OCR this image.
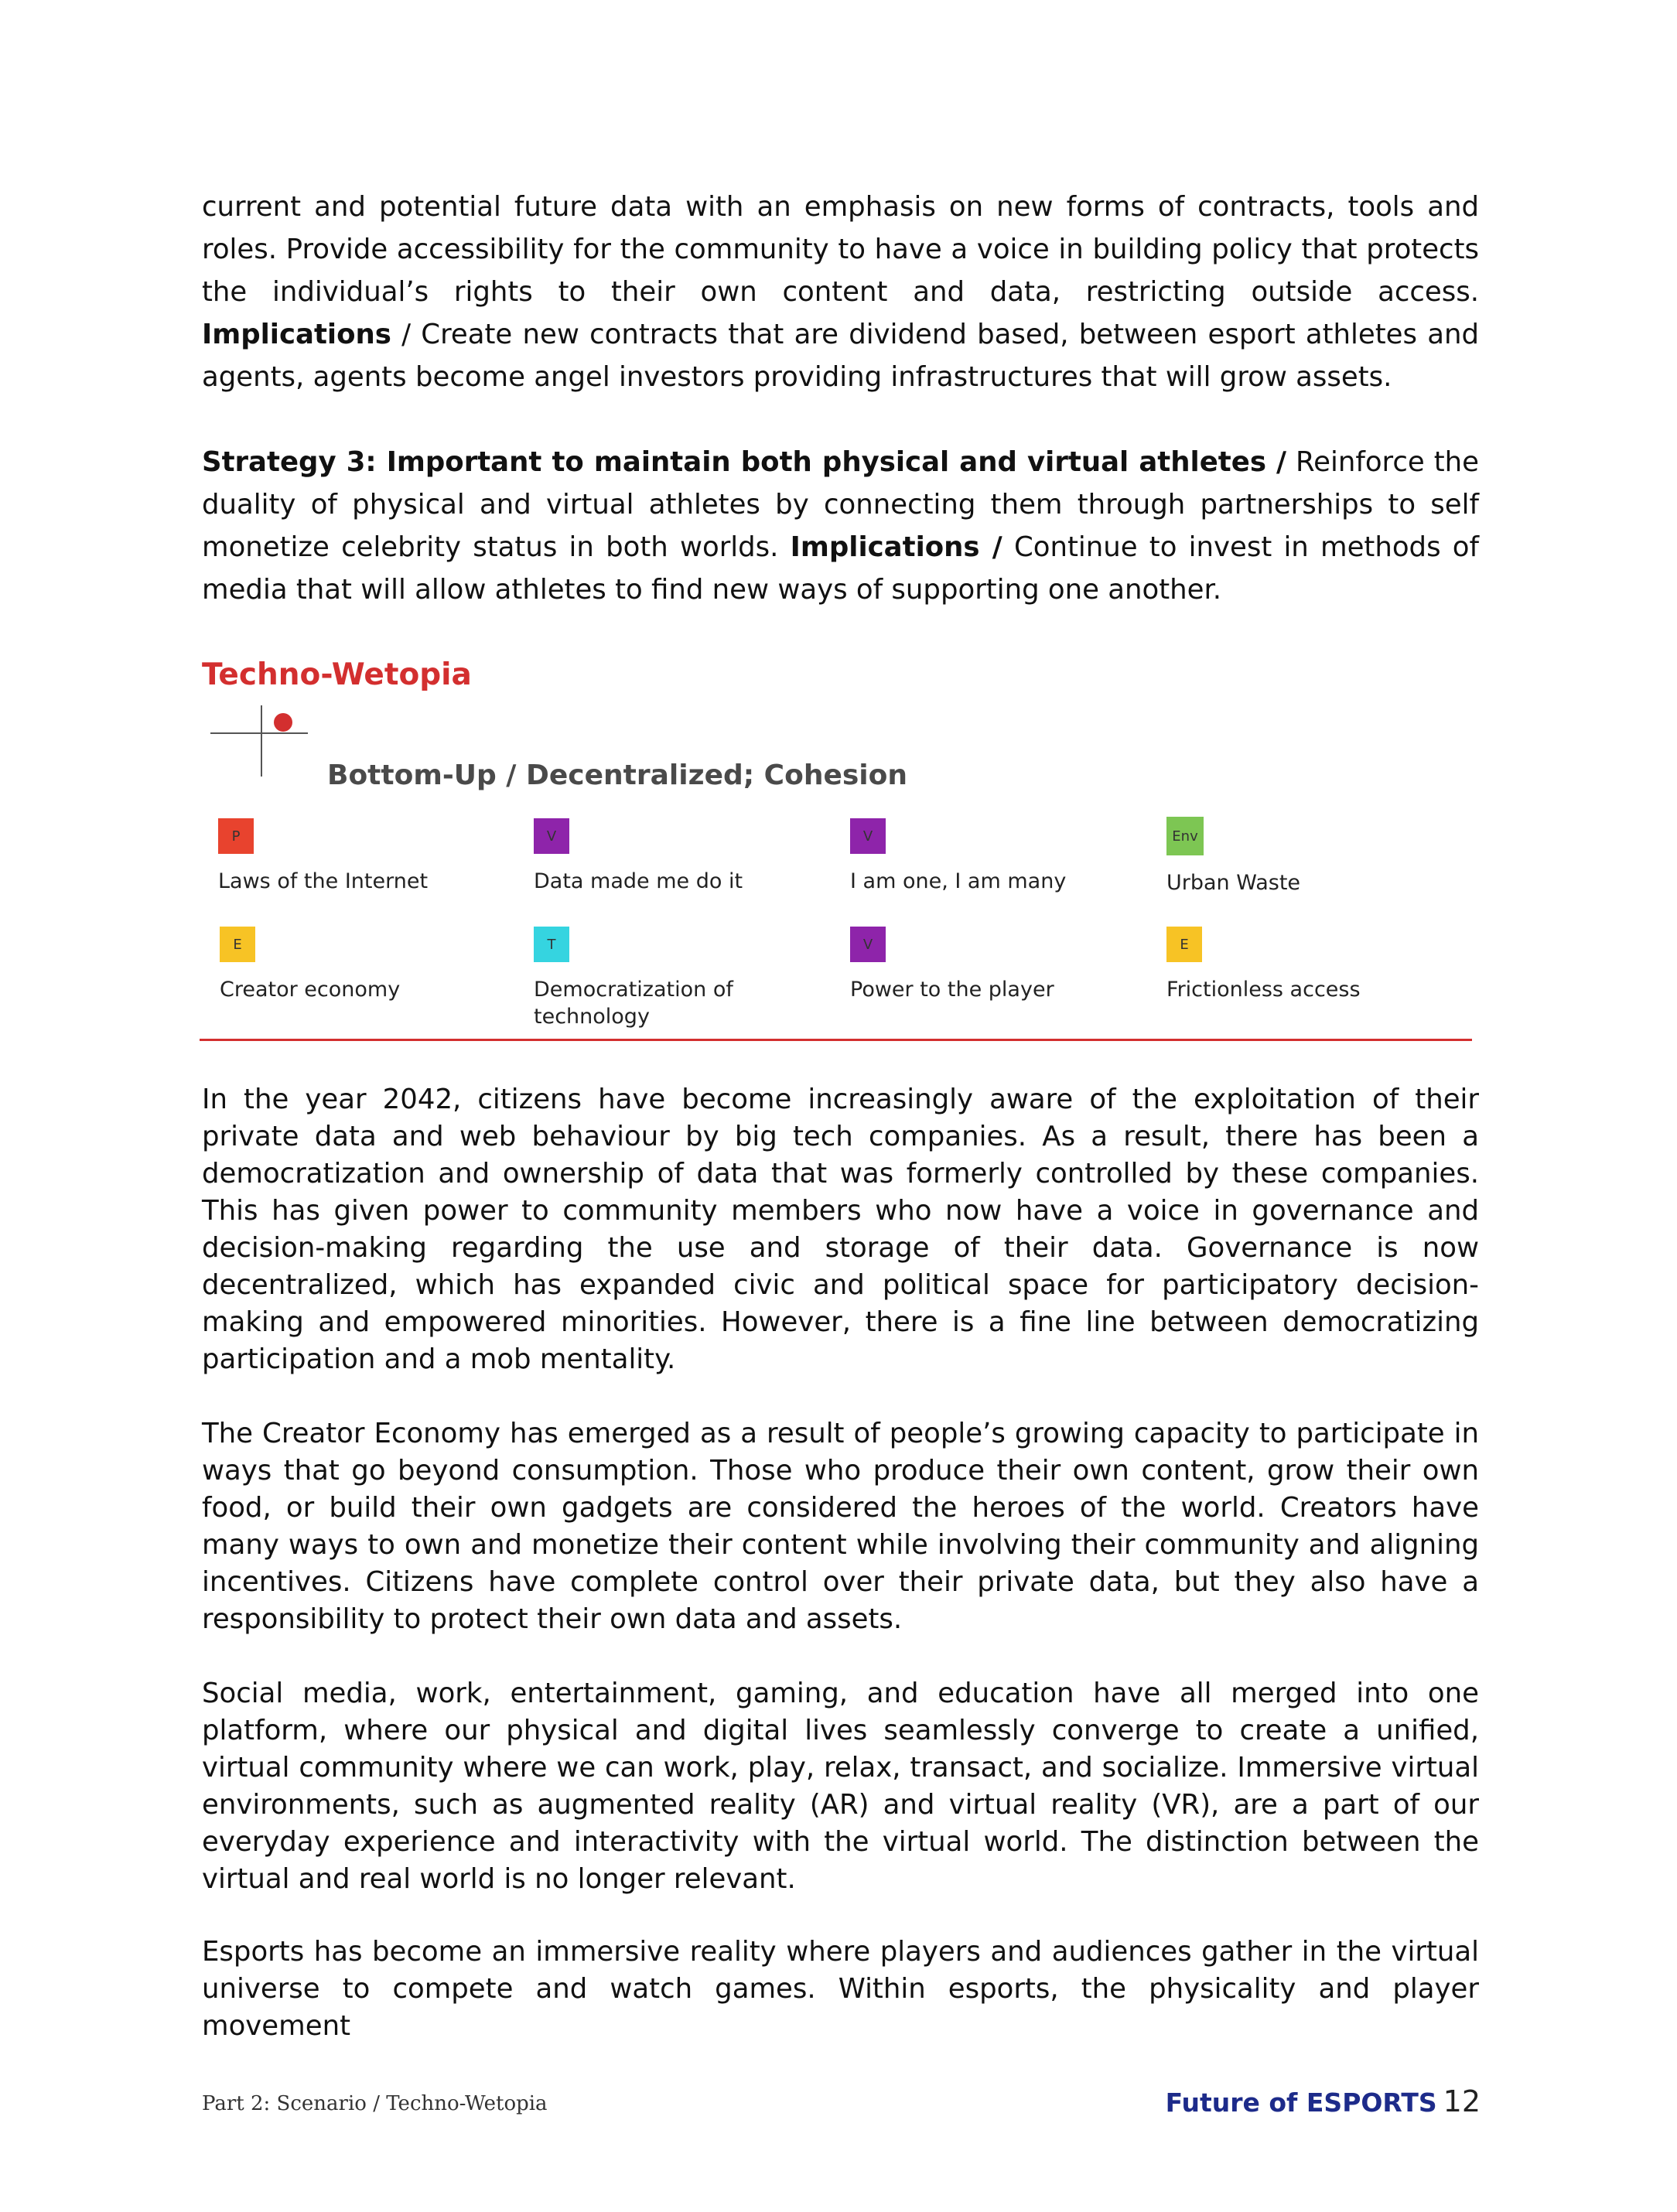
current and potential future data with an emphasis on new forms of contracts, tools and roles. Provide accessibility for the community to have a voice in building policy that protects the individual’s rights to their own content and data, restricting outside access. Implications / Create new contracts that are dividend based, between esport athletes and agents, agents become angel investors providing infrastructures that will grow assets.

Strategy 3: Important to maintain both physical and virtual athletes / Reinforce the duality of physical and virtual athletes by connecting them through partnerships to self monetize celebrity status in both worlds. Implications / Continue to invest in methods of media that will allow athletes to find new ways of supporting one another.

Techno-Wetopia
Bottom-Up / Decentralized; Cohesion
P
Laws of the Internet
V
Data made me do it
V
I am one, I am many
Env
Urban Waste
E
Creator economy
T
Democratization of technology
V
Power to the player
E
Frictionless access

In the year 2042, citizens have become increasingly aware of the exploitation of their private data and web behaviour by big tech companies. As a result, there has been a democratization and ownership of data that was formerly controlled by these companies. This has given power to community members who now have a voice in governance and decision-making regarding the use and storage of their data. Governance is now decentralized, which has expanded civic and political space for participatory decision-making and empowered minorities. However, there is a fine line between democratizing participation and a mob mentality.

The Creator Economy has emerged as a result of people’s growing capacity to participate in ways that go beyond consumption. Those who produce their own content, grow their own food, or build their own gadgets are considered the heroes of the world. Creators have many ways to own and monetize their content while involving their community and aligning incentives. Citizens have complete control over their private data, but they also have a responsibility to protect their own data and assets.

Social media, work, entertainment, gaming, and education have all merged into one platform, where our physical and digital lives seamlessly converge to create a unified, virtual community where we can work, play, relax, transact, and socialize. Immersive virtual environments, such as augmented reality (AR) and virtual reality (VR), are a part of our everyday experience and interactivity with the virtual world. The distinction between the virtual and real world is no longer relevant.

Esports has become an immersive reality where players and audiences gather in the virtual universe to compete and watch games. Within esports, the physicality and player movement

Part 2: Scenario / Techno-Wetopia	Future of ESPORTS 12
